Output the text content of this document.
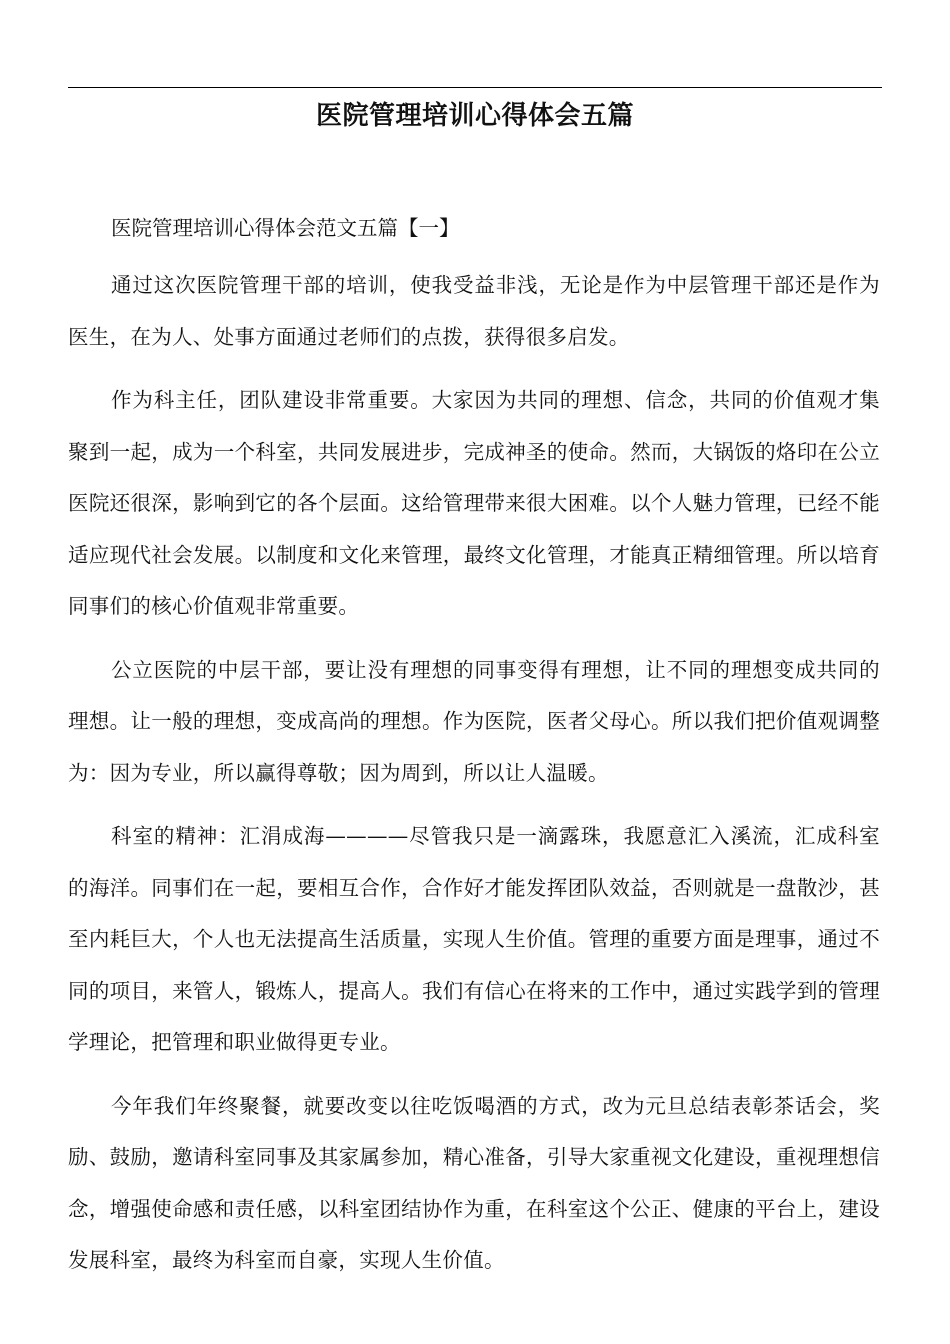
医院管理培训心得体会五篇

医院管理培训心得体会范文五篇【一】

通过这次医院管理干部的培训，使我受益非浅，无论是作为中层管理干部还是作为医生，在为人、处事方面通过老师们的点拨，获得很多启发。

作为科主任，团队建设非常重要。大家因为共同的理想、信念，共同的价值观才集聚到一起，成为一个科室，共同发展进步，完成神圣的使命。然而，大锅饭的烙印在公立医院还很深，影响到它的各个层面。这给管理带来很大困难。以个人魅力管理，已经不能适应现代社会发展。以制度和文化来管理，最终文化管理，才能真正精细管理。所以培育同事们的核心价值观非常重要。

公立医院的中层干部，要让没有理想的同事变得有理想，让不同的理想变成共同的理想。让一般的理想，变成高尚的理想。作为医院，医者父母心。所以我们把价值观调整为：因为专业，所以赢得尊敬；因为周到，所以让人温暖。

科室的精神：汇涓成海————尽管我只是一滴露珠，我愿意汇入溪流，汇成科室的海洋。同事们在一起，要相互合作，合作好才能发挥团队效益，否则就是一盘散沙，甚至内耗巨大，个人也无法提高生活质量，实现人生价值。管理的重要方面是理事，通过不同的项目，来管人，锻炼人，提高人。我们有信心在将来的工作中，通过实践学到的管理学理论，把管理和职业做得更专业。

今年我们年终聚餐，就要改变以往吃饭喝酒的方式，改为元旦总结表彰茶话会，奖励、鼓励，邀请科室同事及其家属参加，精心准备，引导大家重视文化建设，重视理想信念，增强使命感和责任感，以科室团结协作为重，在科室这个公正、健康的平台上，建设发展科室，最终为科室而自豪，实现人生价值。
